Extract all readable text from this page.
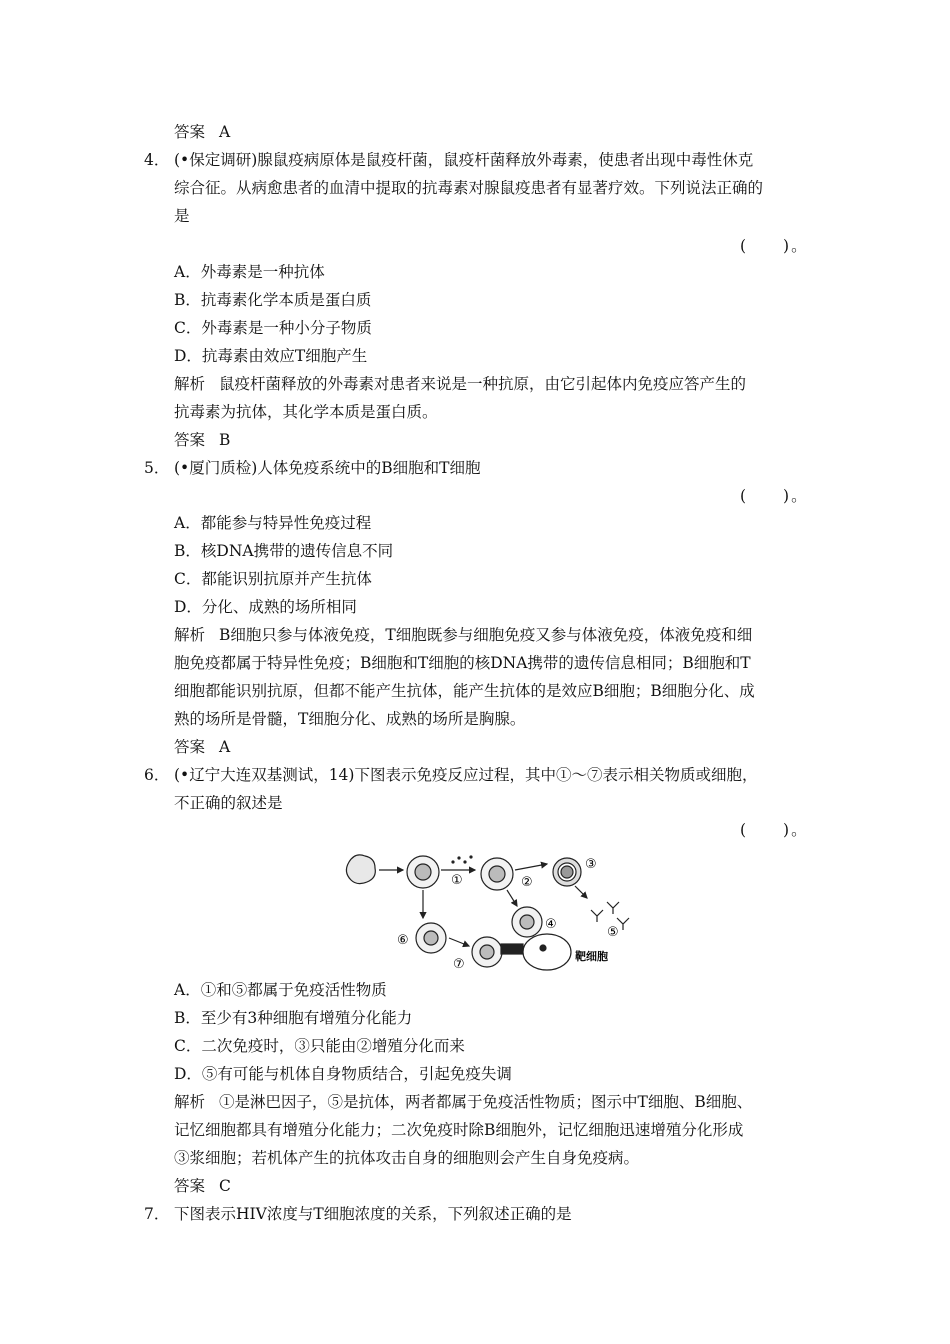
答案 A
4． (•保定调研)腺鼠疫病原体是鼠疫杆菌，鼠疫杆菌释放外毒素，使患者出现中毒性休克
综合征。从病愈患者的血清中提取的抗毒素对腺鼠疫患者有显著疗效。下列说法正确的
是
(　　)。
A．外毒素是一种抗体
B．抗毒素化学本质是蛋白质
C．外毒素是一种小分子物质
D．抗毒素由效应T细胞产生
解析 鼠疫杆菌释放的外毒素对患者来说是一种抗原，由它引起体内免疫应答产生的
抗毒素为抗体，其化学本质是蛋白质。
答案 B
5． (•厦门质检)人体免疫系统中的B细胞和T细胞
(　　)。
A．都能参与特异性免疫过程
B．核DNA携带的遗传信息不同
C．都能识别抗原并产生抗体
D．分化、成熟的场所相同
解析 B细胞只参与体液免疫，T细胞既参与细胞免疫又参与体液免疫，体液免疫和细
胞免疫都属于特异性免疫；B细胞和T细胞的核DNA携带的遗传信息相同；B细胞和T
细胞都能识别抗原，但都不能产生抗体，能产生抗体的是效应B细胞；B细胞分化、成
熟的场所是骨髓，T细胞分化、成熟的场所是胸腺。
答案 A
6． (•辽宁大连双基测试，14)下图表示免疫反应过程，其中①～⑦表示相关物质或细胞，
不正确的叙述是
(　　)。
①	②
③
④
⑤
⑥
⑦
靶细胞
A．①和⑤都属于免疫活性物质
B．至少有3种细胞有增殖分化能力
C．二次免疫时，③只能由②增殖分化而来
D．⑤有可能与机体自身物质结合，引起免疫失调
解析 ①是淋巴因子，⑤是抗体，两者都属于免疫活性物质；图示中T细胞、B细胞、
记忆细胞都具有增殖分化能力；二次免疫时除B细胞外，记忆细胞迅速增殖分化形成
③浆细胞；若机体产生的抗体攻击自身的细胞则会产生自身免疫病。
答案 C
7． 下图表示HIV浓度与T细胞浓度的关系，下列叙述正确的是
